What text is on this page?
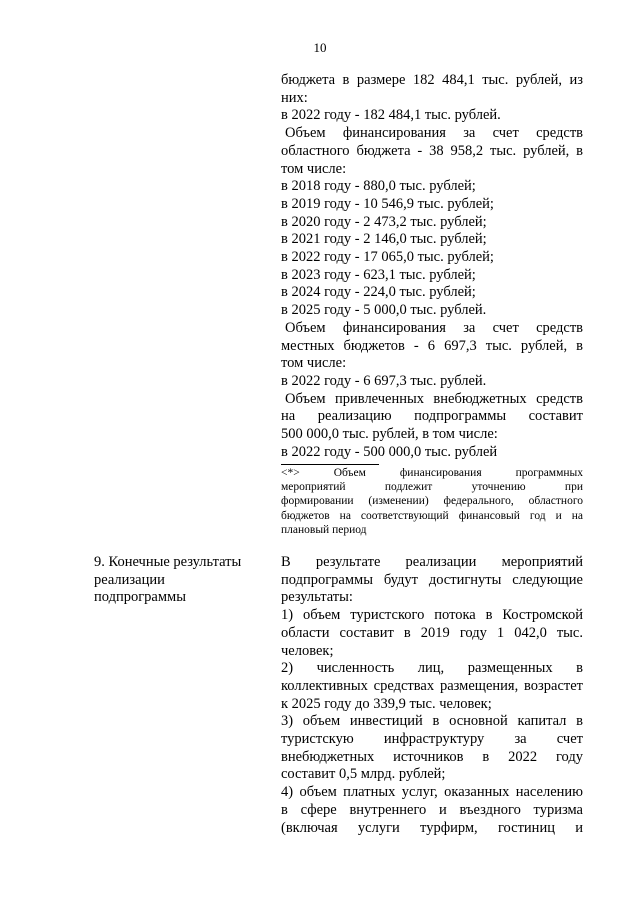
10
бюджета в размере 182 484,1 тыс. рублей, из
них:
в 2022 году - 182 484,1 тыс. рублей.
Объем финансирования за счет средств
областного бюджета - 38 958,2 тыс. рублей, в
том числе:
в 2018 году - 880,0 тыс. рублей;
в 2019 году - 10 546,9 тыс. рублей;
в 2020 году - 2 473,2 тыс. рублей;
в 2021 году - 2 146,0 тыс. рублей;
в 2022 году - 17 065,0 тыс. рублей;
в 2023 году - 623,1 тыс. рублей;
в 2024 году - 224,0 тыс. рублей;
в 2025 году - 5 000,0 тыс. рублей.
Объем финансирования за счет средств
местных бюджетов - 6 697,3 тыс. рублей, в
том числе:
в 2022 году - 6 697,3 тыс. рублей.
Объем привлеченных внебюджетных средств
на реализацию подпрограммы составит
500 000,0 тыс. рублей, в том числе:
в 2022 году - 500 000,0 тыс. рублей
<*> Объем финансирования программных
мероприятий подлежит уточнению при
формировании (изменении) федерального, областного
бюджетов на соответствующий финансовый год и на
плановый период
9. Конечные результаты
реализации
подпрограммы
В результате реализации мероприятий
подпрограммы будут достигнуты следующие
результаты:
1) объем туристского потока в Костромской
области составит в 2019 году 1 042,0 тыс.
человек;
2) численность лиц, размещенных в
коллективных средствах размещения, возрастет
к 2025 году до 339,9 тыс. человек;
3) объем инвестиций в основной капитал в
туристскую инфраструктуру за счет
внебюджетных источников в 2022 году
составит 0,5 млрд. рублей;
4) объем платных услуг, оказанных населению
в сфере внутреннего и въездного туризма
(включая услуги турфирм, гостиниц и
